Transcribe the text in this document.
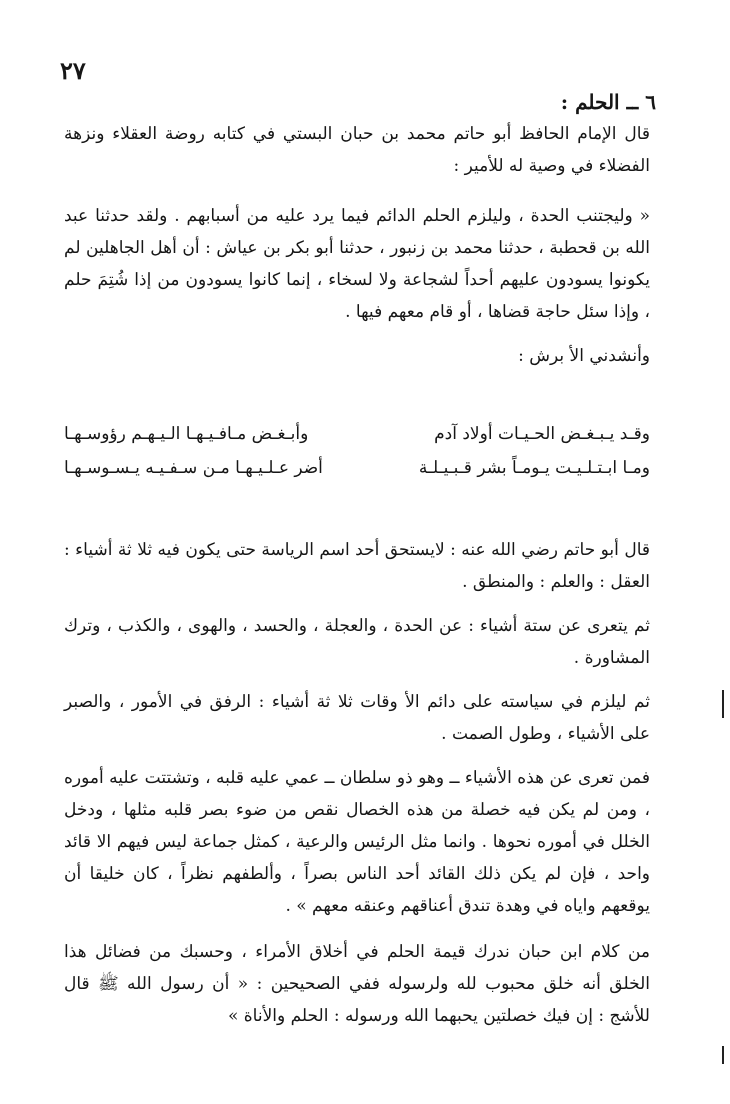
٢٧

٦ ــ الحلم :

قال الإمام الحافظ أبو حاتم محمد بن حبان البستي في كتابه روضة العقلاء ونزهة الفضلاء في وصية له للأمير :

« وليجتنب الحدة ، وليلزم الحلم الدائم فيما يرد عليه من أسبابهم . ولقد حدثنا عبد الله بن قحطبة ، حدثنا محمد بن زنبور ، حدثنا أبو بكر بن عياش : أن أهل الجاهلين لم يكونوا يسودون عليهم أحداً لشجاعة ولا لسخاء ، إنما كانوا يسودون من إذا شُتِمَ حلم ، وإذا سئل حاجة قضاها ، أو قام معهم فيها .

وأنشدني الأ برش :

وقـد يـبـغـض الحـيـات أولاد آدم

وأبـغـض مـافـيـهـا الـيـهـم رؤوسـهـا

ومـا ابـتـلـيـت يـومـاً بشر قـبـيـلـة

أضر عـلـيـهـا مـن سـفـيـه يـسـوسـهـا

قال أبو حاتم رضي الله عنه : لايستحق أحد اسم الرياسة حتى يكون فيه ثلا ثة أشياء : العقل : والعلم : والمنطق .

ثم يتعرى عن ستة أشياء : عن الحدة ، والعجلة ، والحسد ، والهوى ، والكذب ، وترك المشاورة .

ثم ليلزم في سياسته على دائم الأ وقات ثلا ثة أشياء : الرفق في الأمور ، والصبر على الأشياء ، وطول الصمت .

فمن تعرى عن هذه الأشياء ــ وهو ذو سلطان ــ عمي عليه قلبه ، وتشتتت عليه أموره ، ومن لم يكن فيه خصلة من هذه الخصال نقص من ضوء بصر قلبه مثلها ، ودخل الخلل في أموره نحوها . وانما مثل الرئيس والرعية ، كمثل جماعة ليس فيهم الا قائد واحد ، فإن لم يكن ذلك القائد أحد الناس بصراً ، وألطفهم نظراً ، كان خليقا أن يوقعهم واياه في وهدة تندق أعناقهم وعنقه معهم » .

من كلام ابن حبان ندرك قيمة الحلم في أخلاق الأمراء ، وحسبك من فضائل هذا الخلق أنه خلق محبوب لله ولرسوله ففي الصحيحين : « أن رسول الله ﷺ قال للأشج : إن فيك خصلتين يحبهما الله ورسوله : الحلم والأناة »
